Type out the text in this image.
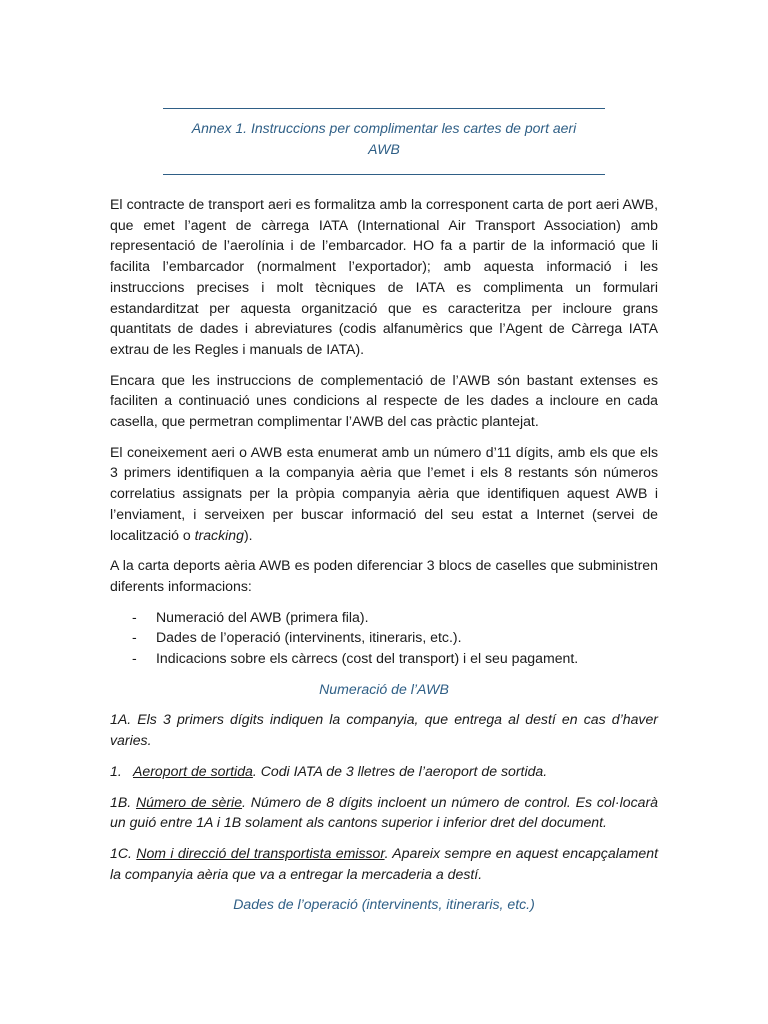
Annex 1. Instruccions per complimentar les cartes de port aeri
AWB

El contracte de transport aeri es formalitza amb la corresponent carta de port aeri AWB, que emet l’agent de càrrega IATA (International Air Transport Association) amb representació de l’aerolínia i de l’embarcador. HO fa a partir de la informació que li facilita l’embarcador (normalment l’exportador); amb aquesta informació i les instruccions precises i molt tècniques de IATA es complimenta un formulari estandarditzat per aquesta organització que es caracteritza per incloure grans quantitats de dades i abreviatures (codis alfanumèrics que l’Agent de Càrrega IATA extrau de les Regles i manuals de IATA).

Encara que les instruccions de complementació de l’AWB són bastant extenses es faciliten a continuació unes condicions al respecte de les dades a incloure en cada casella, que permetran complimentar l’AWB del cas pràctic plantejat.

El coneixement aeri o AWB esta enumerat amb un número d’11 dígits, amb els que els 3 primers identifiquen a la companyia aèria que l’emet i els 8 restants són números correlatius assignats per la pròpia companyia aèria que identifiquen aquest AWB i l’enviament, i serveixen per buscar informació del seu estat a Internet (servei de localització o tracking).

A la carta deports aèria AWB es poden diferenciar 3 blocs de caselles que subministren diferents informacions:

- Numeració del AWB (primera fila).
- Dades de l’operació (intervinents, itineraris, etc.).
- Indicacions sobre els càrrecs (cost del transport) i el seu pagament.
Numeració de l’AWB

1A. Els 3 primers dígits indiquen la companyia, que entrega al destí en cas d’haver varies.

1. Aeroport de sortida. Codi IATA de 3 lletres de l’aeroport de sortida.

1B. Número de sèrie. Número de 8 dígits incloent un número de control. Es col·locarà un guió entre 1A i 1B solament als cantons superior i inferior dret del document.

1C. Nom i direcció del transportista emissor. Apareix sempre en aquest encapçalament la companyia aèria que va a entregar la mercaderia a destí.

Dades de l’operació (intervinents, itineraris, etc.)
